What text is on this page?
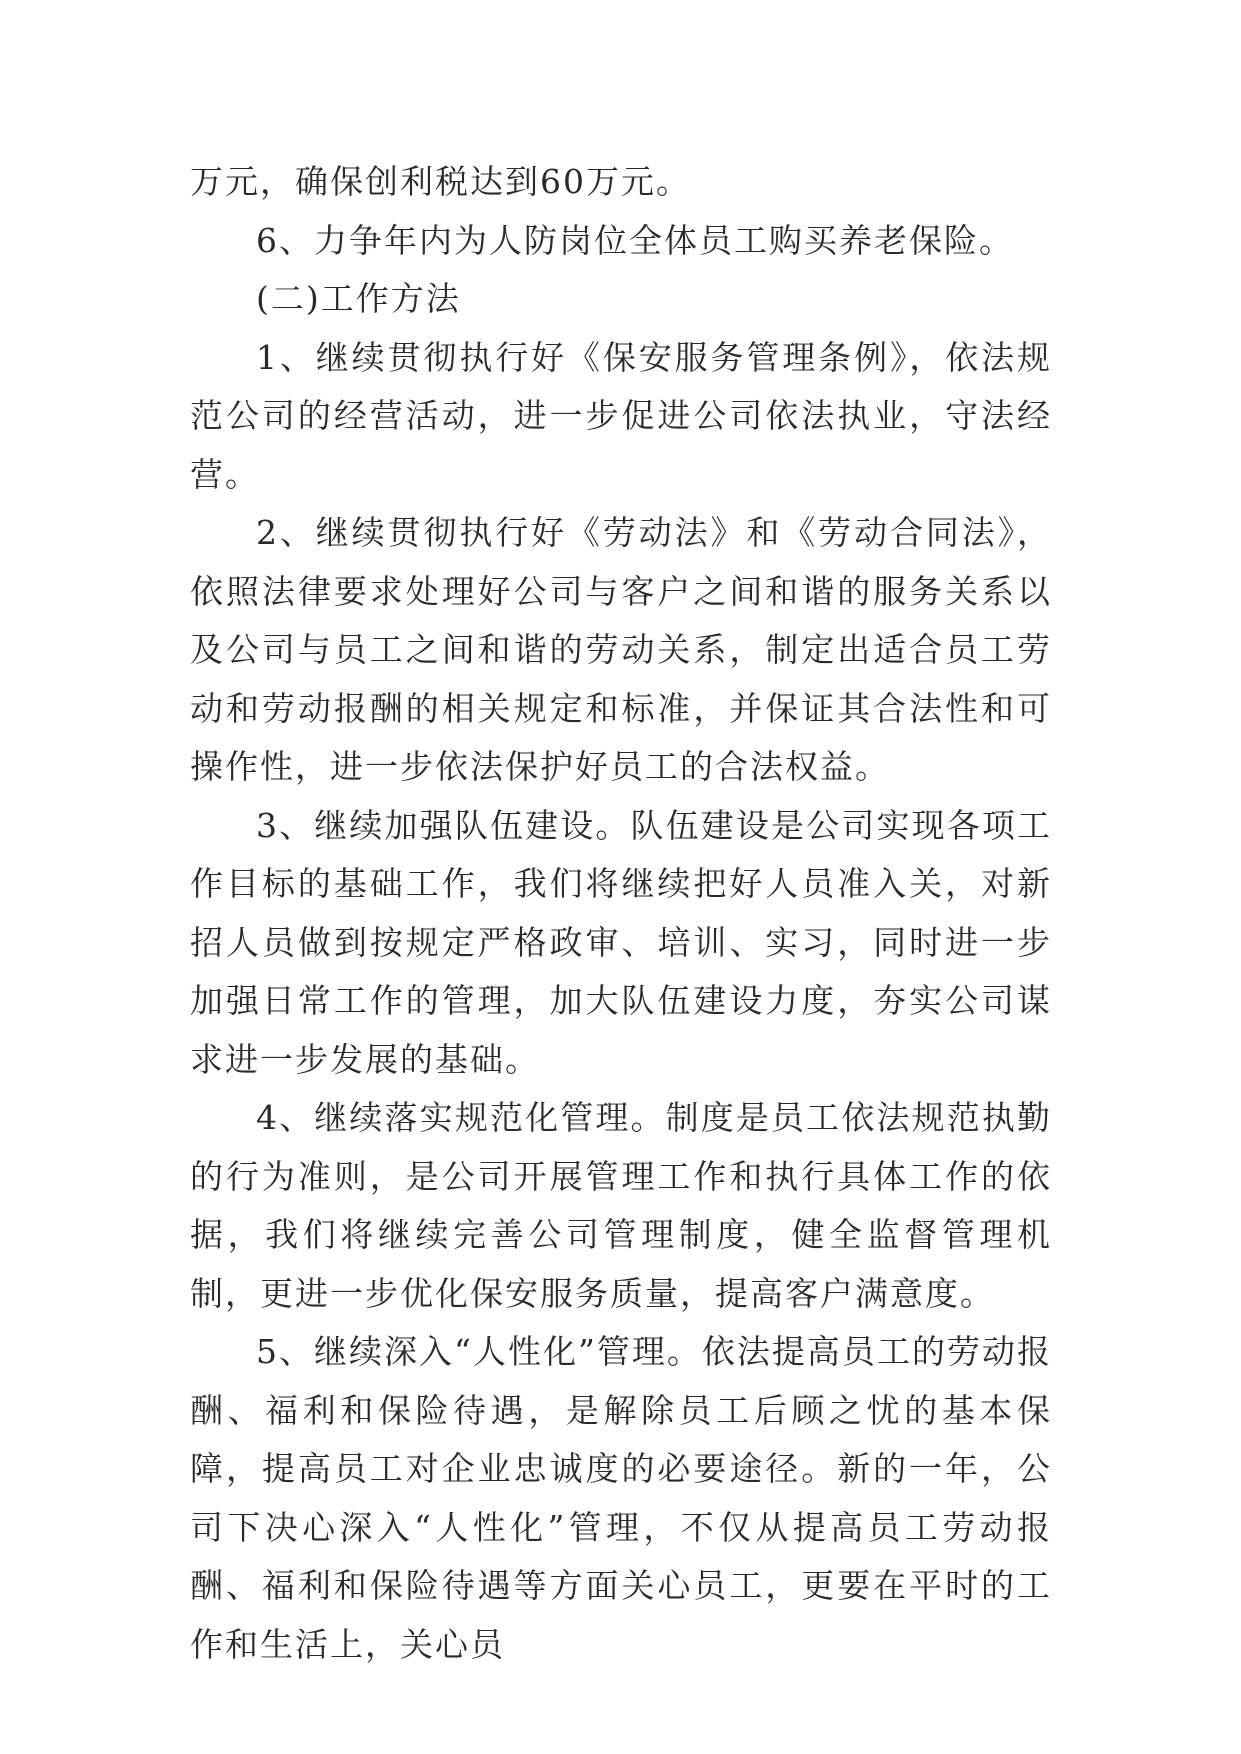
万元，确保创利税达到60万元。

6、力争年内为人防岗位全体员工购买养老保险。

(二)工作方法

1、继续贯彻执行好《保安服务管理条例》，依法规范公司的经营活动，进一步促进公司依法执业，守法经营。

2、继续贯彻执行好《劳动法》和《劳动合同法》，依照法律要求处理好公司与客户之间和谐的服务关系以及公司与员工之间和谐的劳动关系，制定出适合员工劳动和劳动报酬的相关规定和标准，并保证其合法性和可操作性，进一步依法保护好员工的合法权益。

3、继续加强队伍建设。队伍建设是公司实现各项工作目标的基础工作，我们将继续把好人员准入关，对新招人员做到按规定严格政审、培训、实习，同时进一步加强日常工作的管理，加大队伍建设力度，夯实公司谋求进一步发展的基础。

4、继续落实规范化管理。制度是员工依法规范执勤的行为准则，是公司开展管理工作和执行具体工作的依据，我们将继续完善公司管理制度，健全监督管理机制，更进一步优化保安服务质量，提高客户满意度。

5、继续深入“人性化”管理。依法提高员工的劳动报酬、福利和保险待遇，是解除员工后顾之忧的基本保障，提高员工对企业忠诚度的必要途径。新的一年，公司下决心深入“人性化”管理，不仅从提高员工劳动报酬、福利和保险待遇等方面关心员工，更要在平时的工作和生活上，关心员
